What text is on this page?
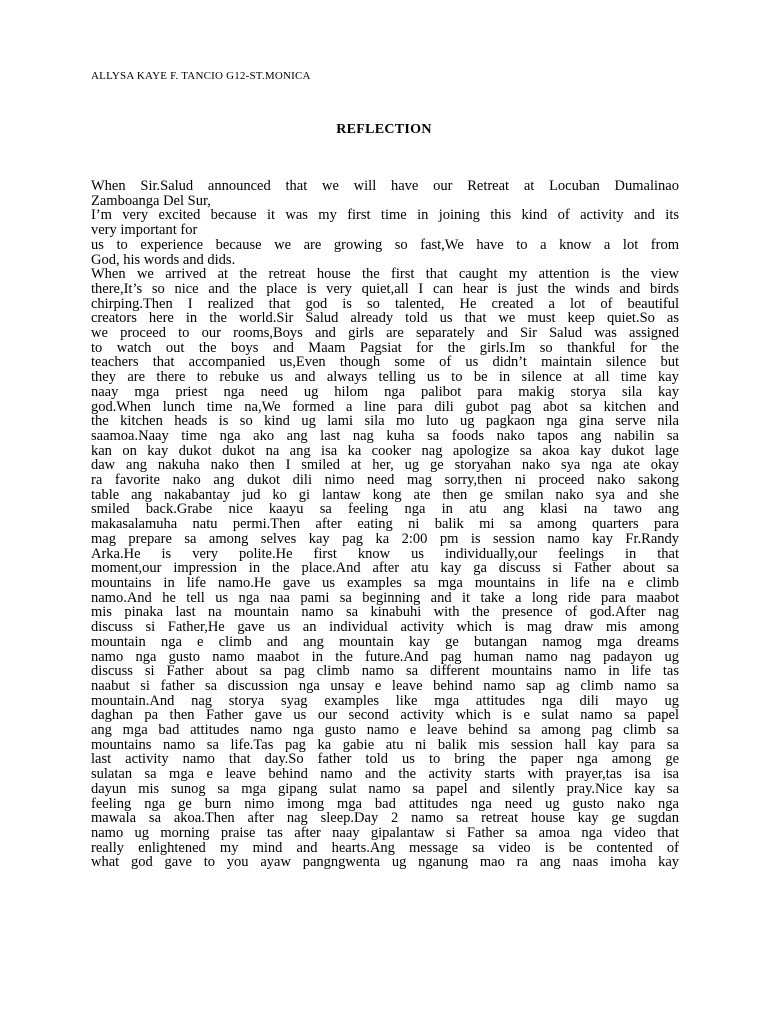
ALLYSA KAYE F. TANCIO G12-ST.MONICA
REFLECTION
When Sir.Salud announced that we will have our Retreat at Locuban Dumalinao
Zamboanga Del Sur,
I’m very excited because it was my first time in joining this kind of activity and its
very important for
us to experience because we are growing so fast,We have to a know a lot from
God, his words and dids.
When we arrived at the retreat house the first that caught my attention is the view
there,It’s so nice and the place is very quiet,all I can hear is just the winds and birds
chirping.Then I realized that god is so talented, He created a lot of beautiful
creators here in the world.Sir Salud already told us that we must keep quiet.So as
we proceed to our rooms,Boys and girls are separately and Sir Salud was assigned
to watch out the boys and Maam Pagsiat for the girls.Im so thankful for the
teachers that accompanied us,Even though some of us didn’t maintain silence but
they are there to rebuke us and always telling us to be in silence at all time kay
naay mga priest nga need ug hilom nga palibot para makig storya sila kay
god.When lunch time na,We formed a line para dili gubot pag abot sa kitchen and
the kitchen heads is so kind ug lami sila mo luto ug pagkaon nga gina serve nila
saamoa.Naay time nga ako ang last nag kuha sa foods nako tapos ang nabilin sa
kan on kay dukot dukot na ang isa ka cooker nag apologize sa akoa kay dukot lage
daw ang nakuha nako then I smiled at her, ug ge storyahan nako sya nga ate okay
ra favorite nako ang dukot dili nimo need mag sorry,then ni proceed nako sakong
table ang nakabantay jud ko gi lantaw kong ate then ge smilan nako sya and she
smiled back.Grabe nice kaayu sa feeling nga in atu ang klasi na tawo ang
makasalamuha natu permi.Then after eating ni balik mi sa among quarters para
mag prepare sa among selves kay pag ka 2:00 pm is session namo kay Fr.Randy
Arka.He is very polite.He first know us individually,our feelings in that
moment,our impression in the place.And after atu kay ga discuss si Father about sa
mountains in life namo.He gave us examples sa mga mountains in life na e climb
namo.And he tell us nga naa pami sa beginning and it take a long ride para maabot
mis pinaka last na mountain namo sa kinabuhi with the presence of god.After nag
discuss si Father,He gave us an individual activity which is mag draw mis among
mountain nga e climb and ang mountain kay ge butangan namog mga dreams
namo nga gusto namo maabot in the future.And pag human namo nag padayon ug
discuss si Father about sa pag climb namo sa different mountains namo in life tas
naabut si father sa discussion nga unsay e leave behind namo sap ag climb namo sa
mountain.And nag storya syag examples like mga attitudes nga dili mayo ug
daghan pa then Father gave us our second activity which is e sulat namo sa papel
ang mga bad attitudes namo nga gusto namo e leave behind sa among pag climb sa
mountains namo sa life.Tas pag ka gabie atu ni balik mis session hall kay para sa
last activity namo that day.So father told us to bring the paper nga among ge
sulatan sa mga e leave behind namo and the activity starts with prayer,tas isa isa
dayun mis sunog sa mga gipang sulat namo sa papel and silently pray.Nice kay sa
feeling nga ge burn nimo imong mga bad attitudes nga need ug gusto nako nga
mawala sa akoa.Then after nag sleep.Day 2 namo sa retreat house kay ge sugdan
namo ug morning praise tas after naay gipalantaw si Father sa amoa nga video that
really enlightened my mind and hearts.Ang message sa video is be contented of
what god gave to you ayaw pangngwenta ug nganung mao ra ang naas imoha kay
